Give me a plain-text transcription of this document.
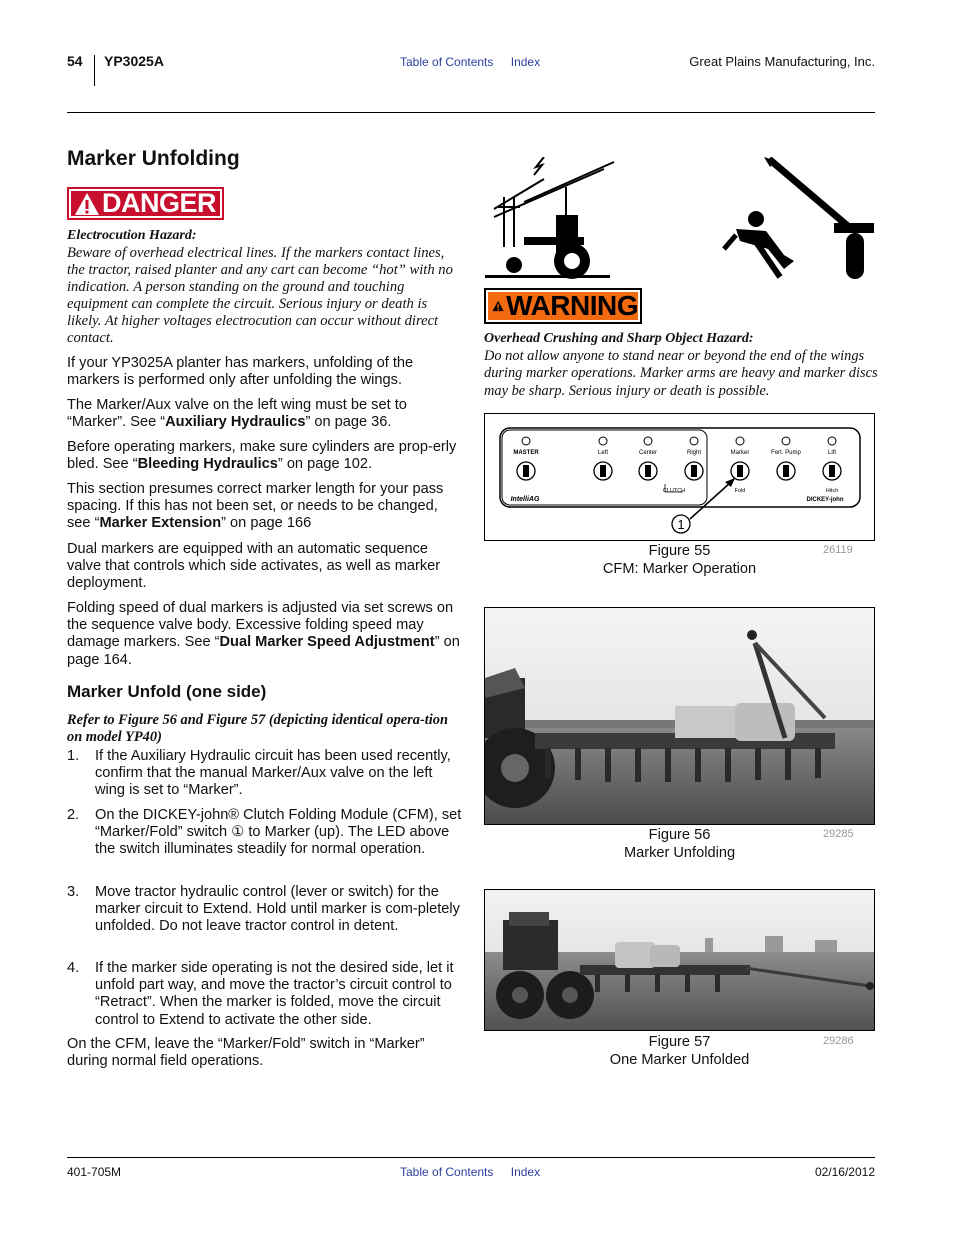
54 YP3025A	Table of Contents Index	Great Plains Manufacturing, Inc.
Marker Unfolding
DANGER
Electrocution Hazard:
Beware of overhead electrical lines. If the markers contact lines, the tractor, raised planter and any cart can become “hot” with no indication. A person standing on the ground and touching equipment can complete the circuit. Serious injury or death is likely. At higher voltages electrocution can occur without direct contact.
If your YP3025A planter has markers, unfolding of the markers is performed only after unfolding the wings.
The Marker/Aux valve on the left wing must be set to “Marker”. See “Auxiliary Hydraulics” on page 36.
Before operating markers, make sure cylinders are prop-erly bled. See “Bleeding Hydraulics” on page 102.
This section presumes correct marker length for your pass spacing. If this has not been set, or needs to be changed, see “Marker Extension” on page 166
Dual markers are equipped with an automatic sequence valve that controls which side activates, as well as marker deployment.
Folding speed of dual markers is adjusted via set screws on the sequence valve body. Excessive folding speed may damage markers. See “Dual Marker Speed Adjustment” on page 164.
Marker Unfold (one side)
Refer to Figure 56 and Figure 57 (depicting identical opera-tion on model YP40)
1. If the Auxiliary Hydraulic circuit has been used recently, confirm that the manual Marker/Aux valve on the left wing is set to “Marker”.
2. On the DICKEY-john® Clutch Folding Module (CFM), set “Marker/Fold” switch ① to Marker (up). The LED above the switch illuminates steadily for normal operation.
3. Move tractor hydraulic control (lever or switch) for the marker circuit to Extend. Hold until marker is com-pletely unfolded. Do not leave tractor control in detent.
4. If the marker side operating is not the desired side, let it unfold part way, and move the tractor’s circuit control to “Retract”. When the marker is folded, move the circuit control to Extend to activate the other side.
On the CFM, leave the “Marker/Fold” switch in “Marker” during normal field operations.
WARNING
Overhead Crushing and Sharp Object Hazard:
Do not allow anyone to stand near or beyond the end of the wings during marker operations. Marker arms are heavy and marker discs may be sharp. Serious injury or death is possible.
MASTER	Left	Center	Right	Marker	Fert. Pump	Lift
CLUTCH	Fold	Hitch
IntelliAG	DICKEY-john
1
Figure 55
CFM: Marker Operation
26119
Figure 56
Marker Unfolding
29285
Figure 57
One Marker Unfolded
29286
401-705M	Table of Contents Index	02/16/2012
